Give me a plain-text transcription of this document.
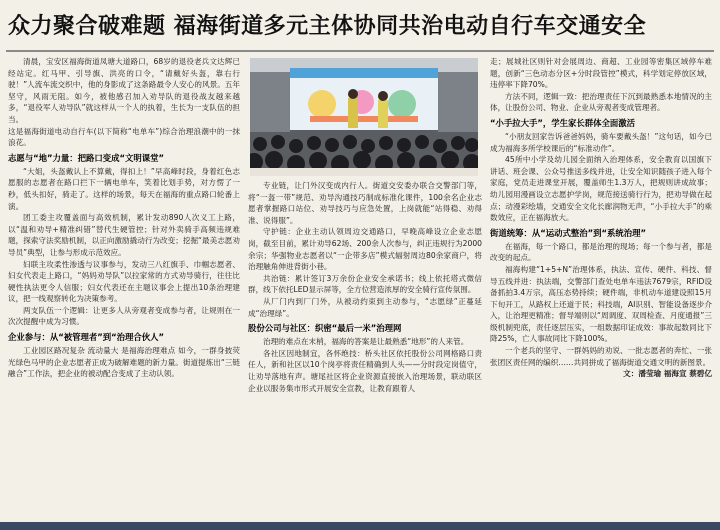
众力聚合破难题 福海街道多元主体协同共治电动自行车交通安全

清晨，宝安区福海街道凤塘大道路口，68岁的退役老兵文达辉已经站定。红马甲、引导旗、洪亮的口令，“请戴好头盔，靠右行驶！”人流车流交织中，他的身影成了这条路最令人安心的风景。五年坚守，风雨无阻。如今，被他感召加入劝导队的退役战友越来越多，“退役军人劝导队”就这样从一个人的执着，生长为一支队伍的担当。

这是福海街道电动自行车(以下简称“电单车”)综合治理浪潮中的一抹浪花。

志愿与“地”力量：把路口变成“文明课堂”

“大姐，头盔戴认上不算戴，得扣上！”早高峰时段，身着红色志愿服的志愿者在路口拦下一辆电单车，笑着比划手势，对方愣了一秒，低头扣好，骑走了。这样的场景，每天在福海的重点路口轮番上演。

团工委主攻覆盖面与高效机制，累计发动890人次义工上路，以“温和劝导+精准纠错”替代生硬管控；针对外卖骑手高频违规难题，探索守法奖励机制，以正向激励撬动行为改变；挖掘“最美志愿劝导员”典型，让参与形成示范效应。

妇联主攻柔性渗透与议事参与，发动三八红旗手、巾帼志愿者、妇女代表走上路口，“妈妈劝导队”以拉家常的方式劝导骑行，往往比硬性执法更令人信服；妇女代表还在主题议事会上提出10条治理建议，把一线观察转化为决策参考。

两支队伍一个逻辑：让更多人从旁观者变成参与者，让规则在一次次提醒中成为习惯。

企业参与：从“被管理者”到“治理合伙人”

工业园区路况复杂 流动量大 是福海治理难点 如今，一群身披荧光绿色马甲的企业志愿者正成为破解难题的新力量。街道提炼出“三链融合”工作法，把企业的被动配合变成了主动认领。

专业链，让门外汉变成内行人。街道交安委办联合交警部门等，将“一盔一带”规范、劝导沟通技巧制成标准化课件，100余名企业志愿者掌握路口站位、劝导技巧与应急处置，上岗就能“站得稳、劝得准、说得服”。

守护链：企业主动认领周边交通路口，早晚高峰设立企业志愿岗，截至目前，累计劝导62场、200余人次参与，纠正违规行为2000余宗；华强物业志愿者以“一企带多店”模式辐射周边80余家商户，将治理触角伸进背街小巷。

共治链：累计签订3万余份企业安全承诺书；线上依托塔式微信群，线下依托LED显示屏等，全方位营造浓厚的安全骑行宣传氛围。

从厂门内到厂门外，从被动约束到主动参与，“志愿绿”正蔓延成“治理绿”。

股份公司与社区：织密“最后一米”治理网

治理的难点在末梢，福海的答案是让最熟悉“地形”的人来管。

各社区因地制宜，各怀绝技：桥头社区依托股份公司网格路口责任人，新和社区以10个岗亭将责任精确到人头——分时段定岗值守，让劝导落地有声。塘尾社区将企业资源直接嵌入治理场景，联动联区企业以服务集市形式开展安全宣教，让教育跟着人

走；展城社区则针对会展周边、商超、工业园等密集区域停车难题，创新“三色动态分区+分时段管控”模式，科学划定停放区域，违停率下降70%。

方法不同，逻辑一致：把治理责任下沉到最熟悉本地情况的主体，让股份公司、物业、企业从旁观者变成管理者。

“小手拉大手”，学生家长群体全面激活

“小朋友回家告诉爸爸妈妈，骑车要戴头盔！”这句话，如今已成为福海多所学校课后的“标准动作”。

45所中小学及幼儿园全面纳入治理体系，安全教育以国旗下讲话、班会课、公众号推送多线并进，让安全知识随孩子进入每个家庭，党员走进课堂开展，覆盖师生1.3万人，把规则讲成故事；幼儿园用漫画设立志愿护学岗，规范接送骑行行为，把劝导做在起点；动漫彩绘墙，交通安全文化长廊润物无声，“小手拉大手”的乘数效应，正在福海放大。

街道统筹：从“运动式整治”到“系统治理”

在福海，每一个路口，都是治理的现场；每一个参与者，都是改变的起点。

福海构建“1+5+N”治理体系，执法、宣传、硬件、科技、督导五线并进：执法端，交警部门查处电单车违法7679宗，RFID设备抓拍3.4万宗，高压态势持续；硬件端，非机动车道建设照15月下旬开工，从路权上还道于民；科技端，AI识别、智能设备逐步介入，让治理更精准；督导端则以“周调度、双周检查、月度通报”三级机制兜底，责任逐层压实，一组数据印证成效：事故起数同比下降25%，亡人事故同比下降100%。

一个老兵的坚守、一群妈妈的劝说、一批志愿者的奔忙、一张张团区责任网的编织……共同拼成了福海街道交通文明的新图景。

文：潘莹瑜 福海宣 蔡碧亿
